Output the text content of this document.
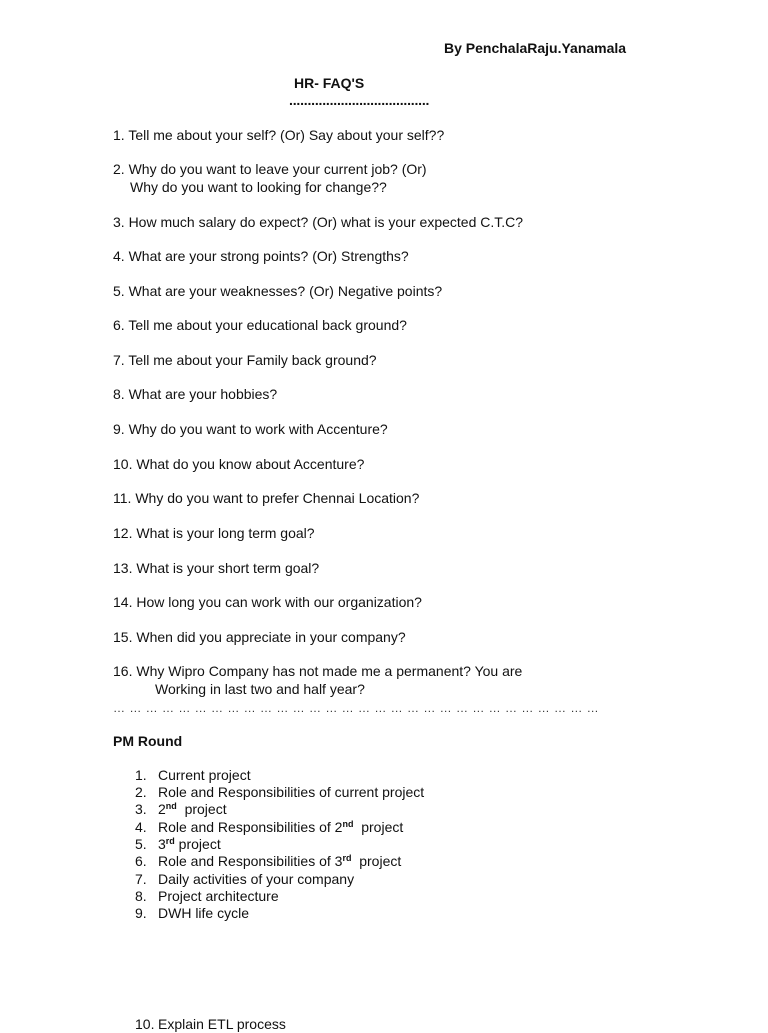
By PenchalaRaju.Yanamala
HR- FAQ'S
......................................
1. Tell me about your self? (Or) Say about your self??
2. Why do you want to leave your current job? (Or)
Why do you want to looking for change??
3. How much salary do expect? (Or) what is your expected C.T.C?
4. What are your strong points? (Or) Strengths?
5. What are your weaknesses? (Or) Negative points?
6. Tell me about your educational back ground?
7. Tell me about your Family back ground?
8. What are your hobbies?
9. Why do you want to work with Accenture?
10. What do you know about Accenture?
11. Why do you want to prefer Chennai Location?
12. What is your long term goal?
13. What is your short term goal?
14. How long you can work with our organization?
15. When did you appreciate in your company?
16. Why Wipro Company has not made me a permanent? You are
Working in last two and half year?
… … … … … … … … … … … … … … … … … … … … … … … … … … … … … …
PM Round
1. Current project
2. Role and Responsibilities of current project
3. 2nd  project
4. Role and Responsibilities of 2nd  project
5. 3rd project
6. Role and Responsibilities of 3rd  project
7. Daily activities of your company
8. Project architecture
9. DWH life cycle
10. Explain ETL process
